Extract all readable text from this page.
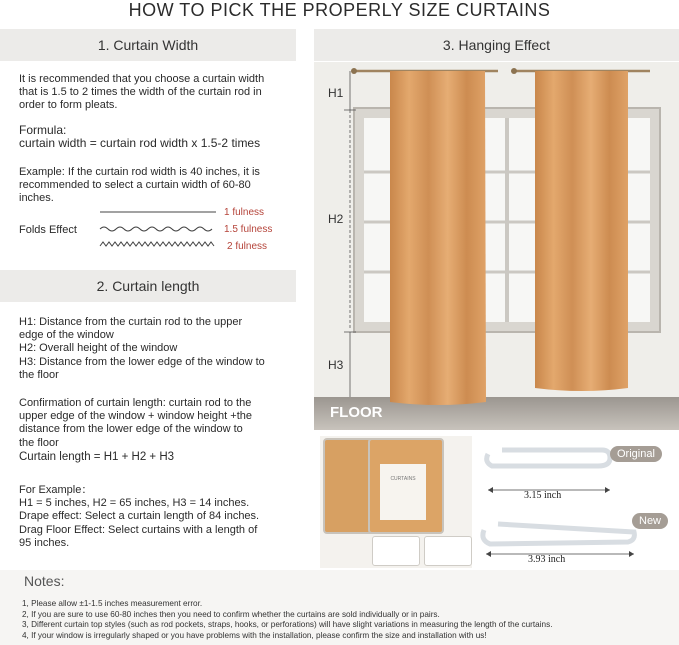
HOW TO PICK THE PROPERLY SIZE CURTAINS
1. Curtain Width
It is recommended that you choose a curtain width
that is 1.5 to 2 times the width of the curtain rod in
order to form pleats.
Formula:
curtain width = curtain rod width x 1.5-2 times
Example: If the curtain rod width is 40 inches, it is
recommended to select a curtain width of 60-80
inches.
Folds Effect
1 fulness
1.5 fulness
2 fulness
2. Curtain length
H1: Distance from the curtain rod to the upper
edge of the window
H2: Overall height of the window
H3: Distance from the lower edge of the window to
the floor
Confirmation of curtain length: curtain rod to the
upper edge of the window + window height +the
distance from the lower edge of the window to
the floor
Curtain length = H1 + H2 + H3
For Example：
H1 = 5 inches, H2 = 65 inches, H3 = 14 inches.
Drape effect: Select a curtain length of 84 inches.
Drag Floor Effect: Select curtains with a length of
95 inches.
3. Hanging Effect
FLOOR
H1
H2
H3
CURTAINS
Original
3.15 inch
New
3.93 inch
Notes:
1, Please allow ±1-1.5 inches measurement error.
2, If you are sure to use 60-80 inches then you need to confirm whether the curtains are sold individually or in pairs.
3, Different curtain top styles (such as rod pockets, straps, hooks, or perforations) will have slight variations in measuring the length of the curtains.
4, If your window is irregularly shaped or you have problems with the installation, please confirm the size and installation with us!
